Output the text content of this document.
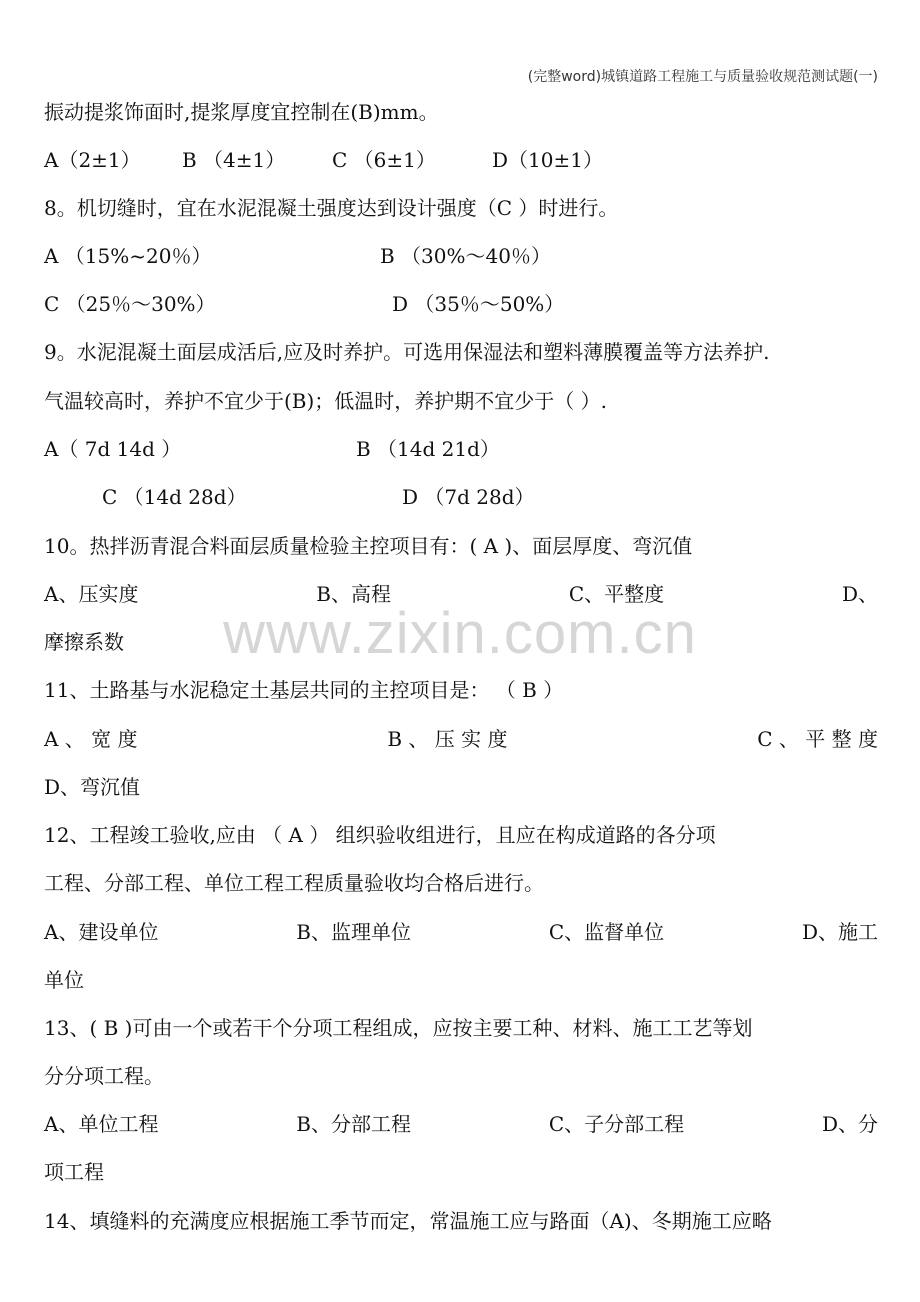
(完整word)城镇道路工程施工与质量验收规范测试题(一)
www.zixin.com.cn
振动提浆饰面时,提浆厚度宜控制在(B)mm。
A（2±1） B （4±1） C （6±1）	D（10±1）
8。机切缝时，宜在水泥混凝土强度达到设计强度（C ）时进行。
A （15%~20％）	B （30%～40％）
C （25％～30%）	D （35％～50%）
9。水泥混凝土面层成活后,应及时养护。可选用保湿法和塑料薄膜覆盖等方法养护.
气温较高时，养护不宜少于(B)；低温时，养护期不宜少于（ ）.
A（ 7d 14d ）	B （14d 21d）
C （14d 28d）	D （7d 28d）
10。热拌沥青混合料面层质量检验主控项目有：( A )、面层厚度、弯沉值
A、压实度	B、高程	C、平整度	D、
摩擦系数
11、土路基与水泥稳定土基层共同的主控项目是： （ B ）
A 、 宽 度	B 、 压 实 度	C 、 平 整 度
D、弯沉值
12、工程竣工验收,应由 （ A ） 组织验收组进行，且应在构成道路的各分项
工程、分部工程、单位工程工程质量验收均合格后进行。
A、建设单位	B、监理单位	C、监督单位	D、施工
单位
13、( B )可由一个或若干个分项工程组成，应按主要工种、材料、施工工艺等划
分分项工程。
A、单位工程	B、分部工程	C、子分部工程	D、分
项工程
14、填缝料的充满度应根据施工季节而定，常温施工应与路面（A)、冬期施工应略
